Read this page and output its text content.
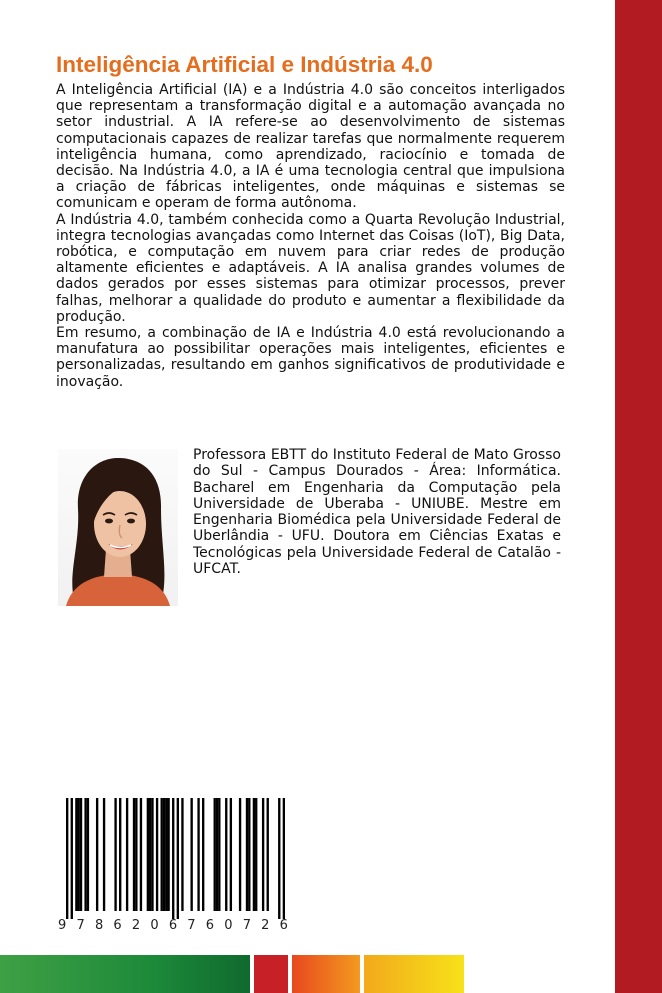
Inteligência Artificial e Indústria 4.0

A Inteligência Artificial (IA) e a Indústria 4.0 são conceitos interligados que representam a transformação digital e a automação avançada no setor industrial. A IA refere-se ao desenvolvimento de sistemas computacionais capazes de realizar tarefas que normalmente requerem inteligência humana, como aprendizado, raciocínio e tomada de decisão. Na Indústria 4.0, a IA é uma tecnologia central que impulsiona a criação de fábricas inteligentes, onde máquinas e sistemas se comunicam e operam de forma autônoma.

A Indústria 4.0, também conhecida como a Quarta Revolução Industrial, integra tecnologias avançadas como Internet das Coisas (IoT), Big Data, robótica, e computação em nuvem para criar redes de produção altamente eficientes e adaptáveis. A IA analisa grandes volumes de dados gerados por esses sistemas para otimizar processos, prever falhas, melhorar a qualidade do produto e aumentar a flexibilidade da produção.

Em resumo, a combinação de IA e Indústria 4.0 está revolucionando a manufatura ao possibilitar operações mais inteligentes, eficientes e personalizadas, resultando em ganhos significativos de produtividade e inovação.

Professora EBTT do Instituto Federal de Mato Grosso do Sul - Campus Dourados - Área: Informática. Bacharel em Engenharia da Computação pela Universidade de Uberaba - UNIUBE. Mestre em Engenharia Biomédica pela Universidade Federal de Uberlândia - UFU. Doutora em Ciências Exatas e Tecnológicas pela Universidade Federal de Catalão - UFCAT.

9 7 8 6 2 0 6 7 6 0 7 2 6
